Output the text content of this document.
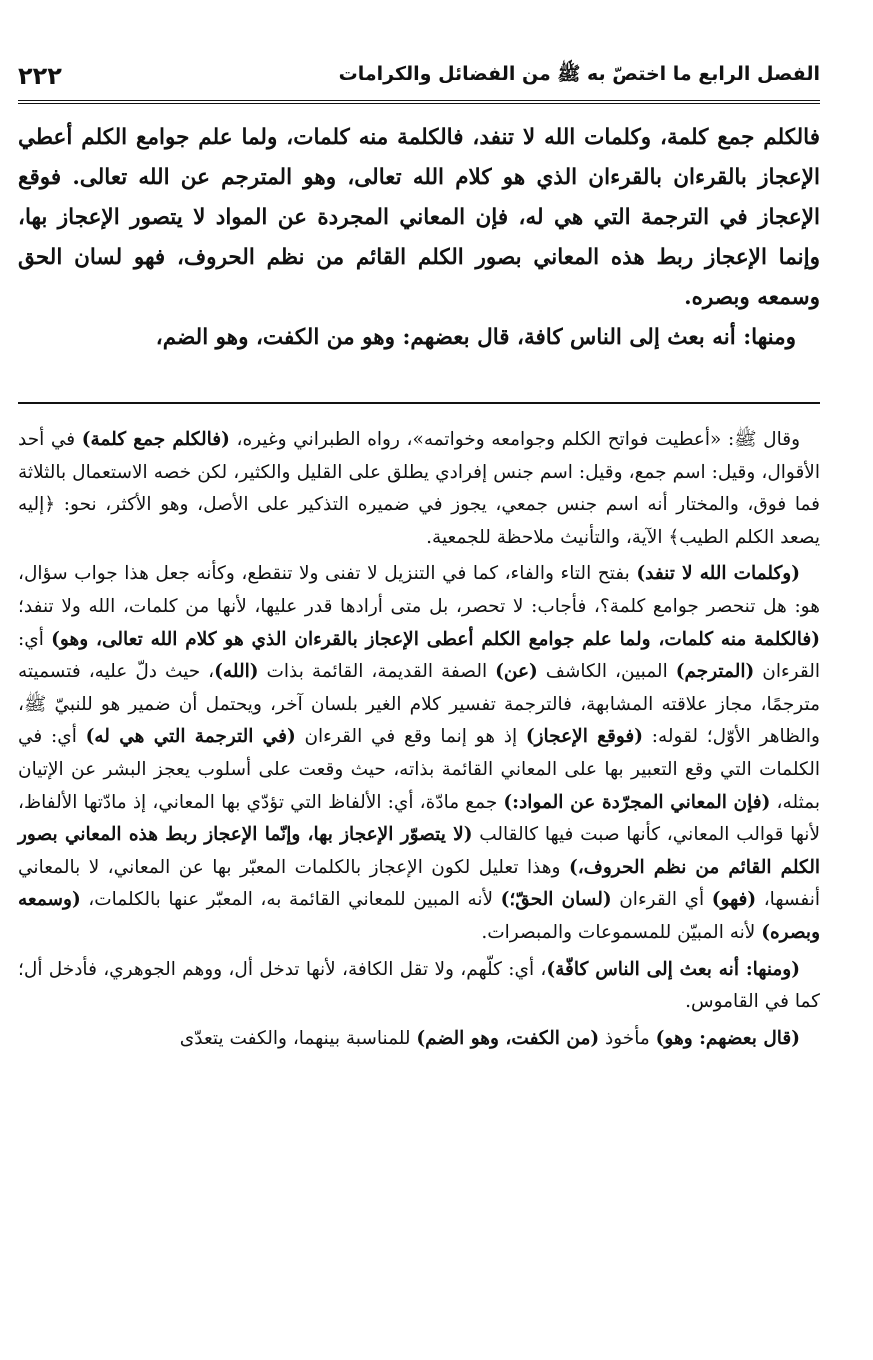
الفصل الرابع ما اختصّ به ﷺ من الفضائل والكرامات
٢٢٢

فالكلم جمع كلمة، وكلمات الله لا تنفد، فالكلمة منه كلمات، ولما علم جوامع الكلم أعطي الإعجاز بالقرءان بالقرءان الذي هو كلام الله تعالى، وهو المترجم عن الله تعالى. فوقع الإعجاز في الترجمة التي هي له، فإن المعاني المجردة عن المواد لا يتصور الإعجاز بها، وإنما الإعجاز ربط هذه المعاني بصور الكلم القائم من نظم الحروف، فهو لسان الحق وسمعه وبصره.

ومنها: أنه بعث إلى الناس كافة، قال بعضهم: وهو من الكفت، وهو الضم،

وقال ﷺ: «أعطيت فواتح الكلم وجوامعه وخواتمه»، رواه الطبراني وغيره، (فالكلم جمع كلمة) في أحد الأقوال، وقيل: اسم جمع، وقيل: اسم جنس إفرادي يطلق على القليل والكثير، لكن خصه الاستعمال بالثلاثة فما فوق، والمختار أنه اسم جنس جمعي، يجوز في ضميره التذكير على الأصل، وهو الأكثر، نحو: ﴿إليه يصعد الكلم الطيب﴾ الآية، والتأنيث ملاحظة للجمعية.

(وكلمات الله لا تنفد) بفتح التاء والفاء، كما في التنزيل لا تفنى ولا تنقطع، وكأنه جعل هذا جواب سؤال، هو: هل تنحصر جوامع كلمة؟، فأجاب: لا تحصر، بل متى أرادها قدر عليها، لأنها من كلمات، الله ولا تنفد؛ (فالكلمة منه كلمات، ولما علم جوامع الكلم أعطى الإعجاز بالقرءان الذي هو كلام الله تعالى، وهو) أي: القرءان (المترجم) المبين، الكاشف (عن) الصفة القديمة، القائمة بذات (الله)، حيث دلّ عليه، فتسميته مترجمًا، مجاز علاقته المشابهة، فالترجمة تفسير كلام الغير بلسان آخر، ويحتمل أن ضمير هو للنبيّ ﷺ، والظاهر الأوّل؛ لقوله: (فوقع الإعجاز) إذ هو إنما وقع في القرءان (في الترجمة التي هي له) أي: في الكلمات التي وقع التعبير بها على المعاني القائمة بذاته، حيث وقعت على أسلوب يعجز البشر عن الإتيان بمثله، (فإن المعاني المجرّدة عن المواد:) جمع مادّة، أي: الألفاظ التي تؤدّي بها المعاني، إذ مادّتها الألفاظ، لأنها قوالب المعاني، كأنها صبت فيها كالقالب (لا يتصوّر الإعجاز بها، وإنّما الإعجاز ربط هذه المعاني بصور الكلم القائم من نظم الحروف،) وهذا تعليل لكون الإعجاز بالكلمات المعبّر بها عن المعاني، لا بالمعاني أنفسها، (فهو) أي القرءان (لسان الحقّ؛) لأنه المبين للمعاني القائمة به، المعبّر عنها بالكلمات، (وسمعه وبصره) لأنه المبيّن للمسموعات والمبصرات.

(ومنها: أنه بعث إلى الناس كافّة)، أي: كلّهم، ولا تقل الكافة، لأنها تدخل أل، ووهم الجوهري، فأدخل أل؛ كما في القاموس.

(قال بعضهم: وهو) مأخوذ (من الكفت، وهو الضم) للمناسبة بينهما، والكفت يتعدّى
